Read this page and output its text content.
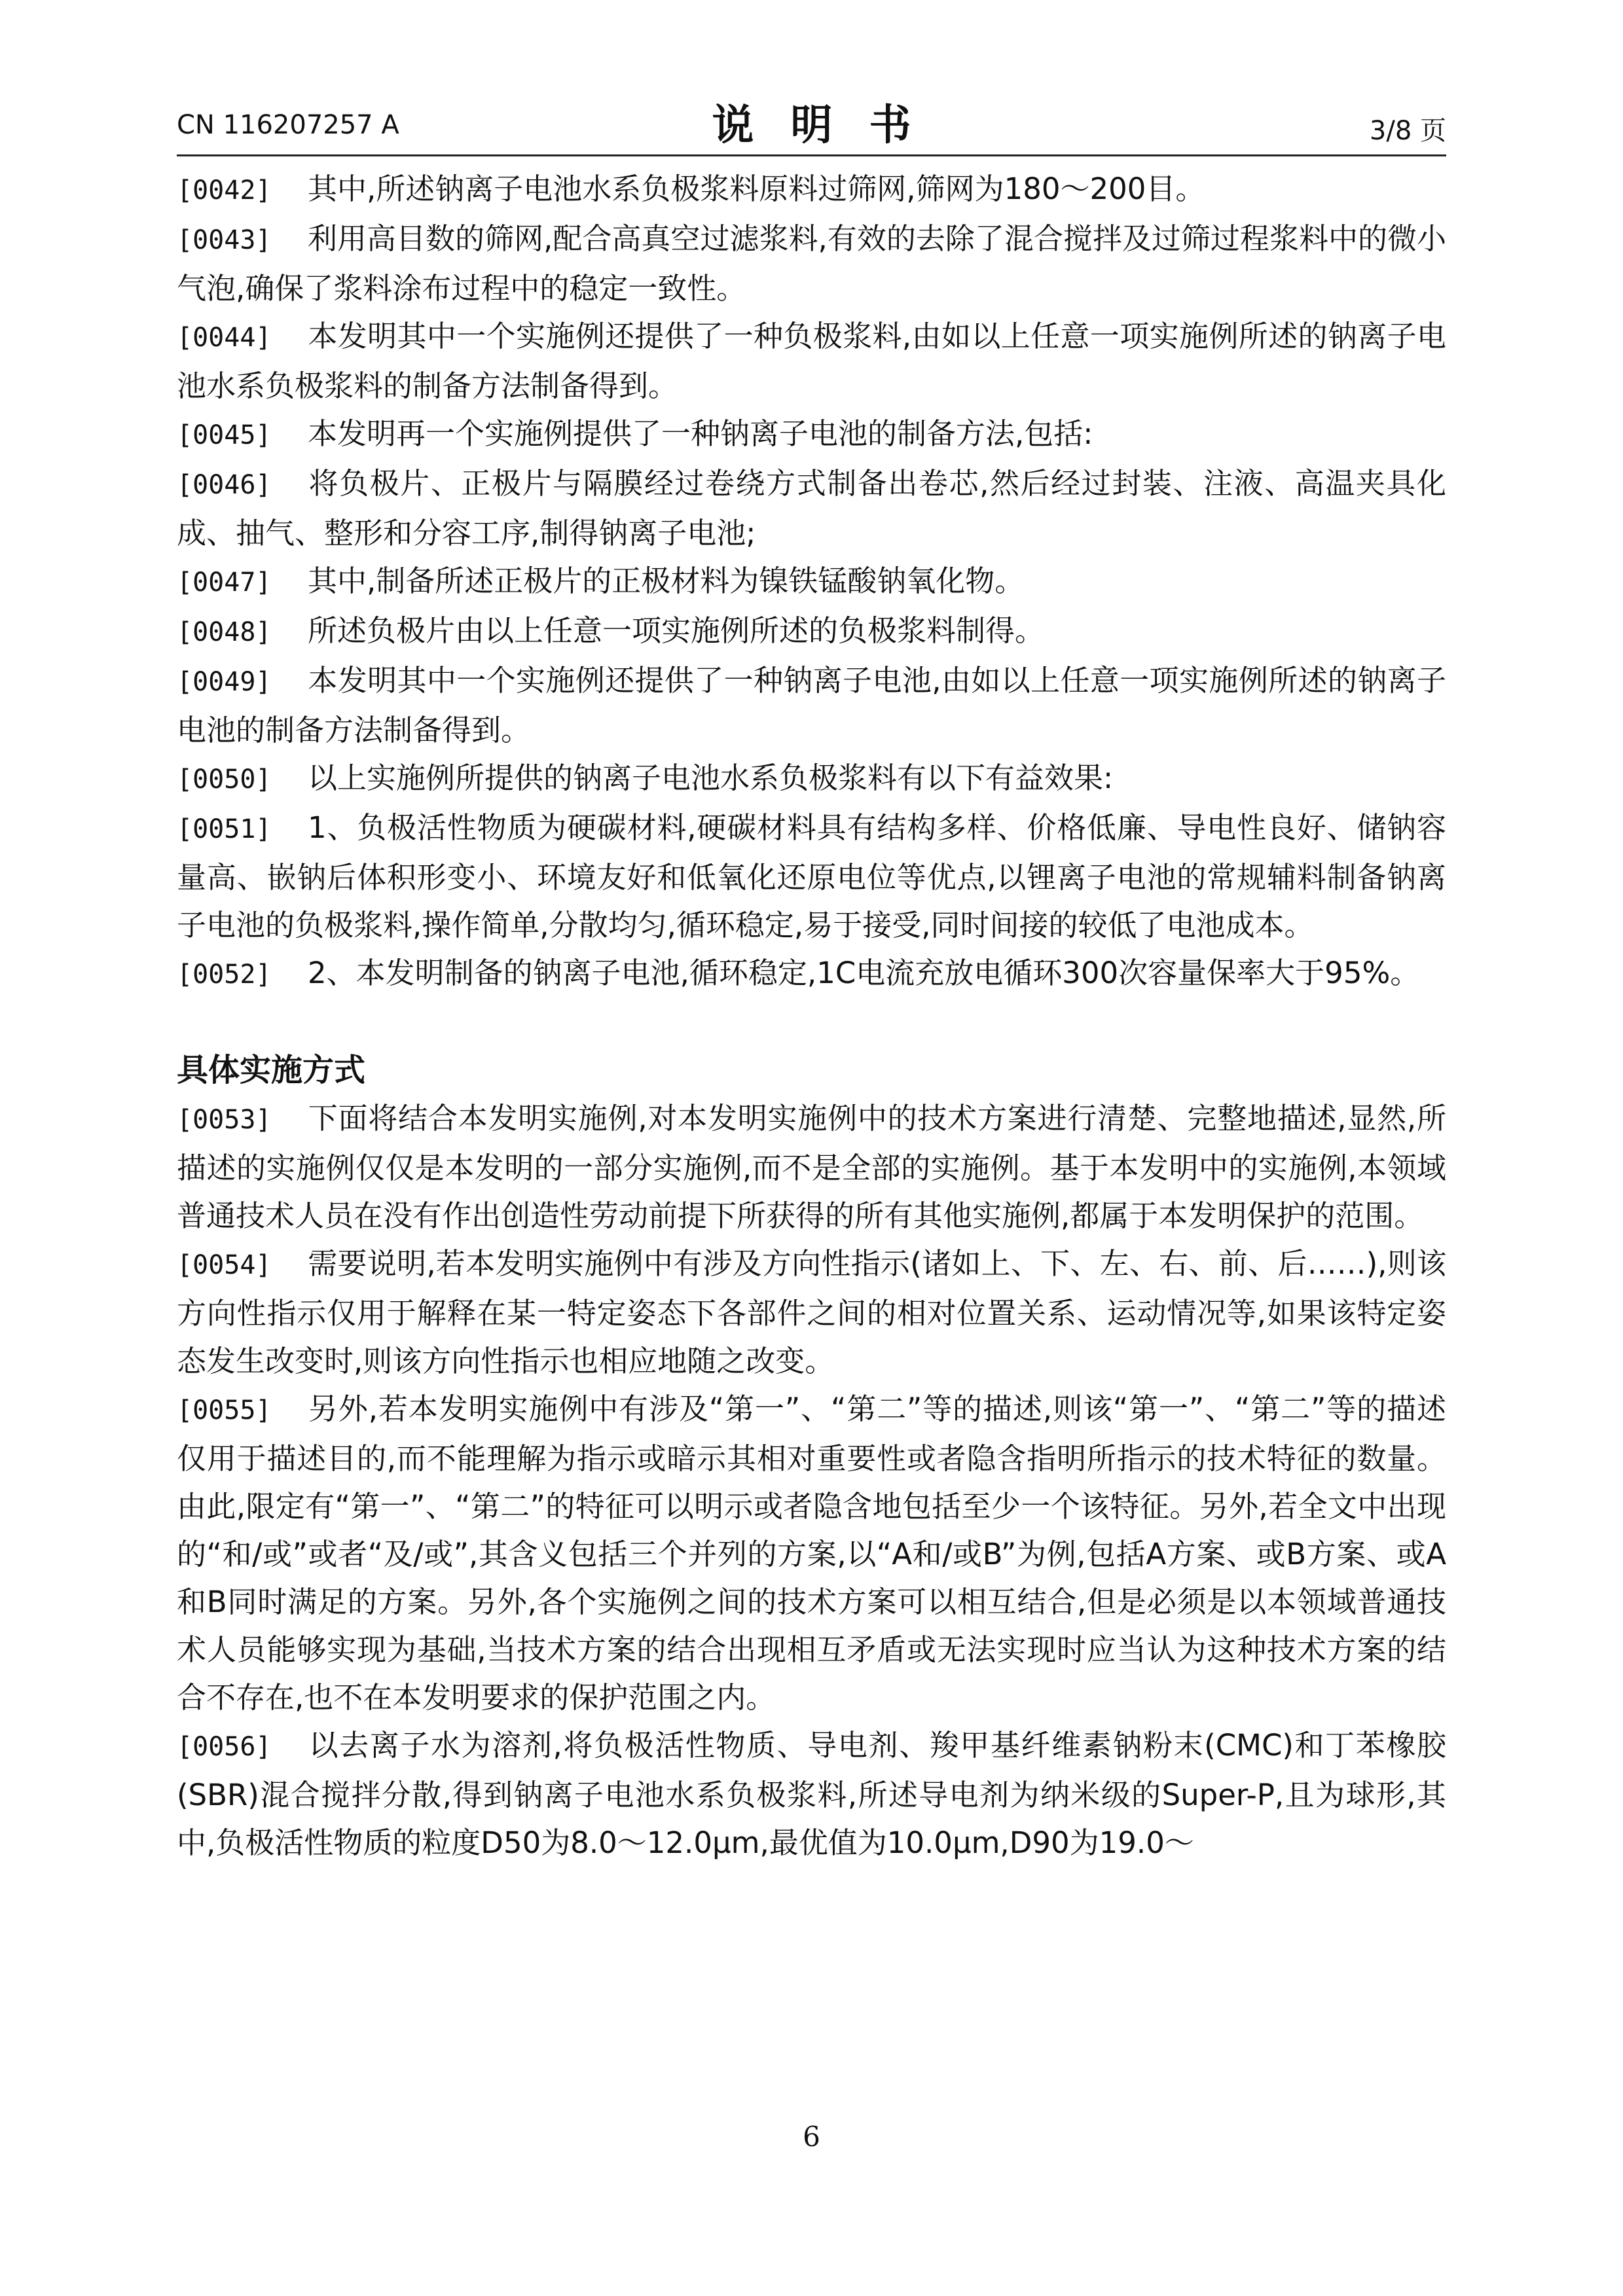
CN 116207257 A	说明书	3/8 页

[0042] 其中,所述钠离子电池水系负极浆料原料过筛网,筛网为180～200目。

[0043] 利用高目数的筛网,配合高真空过滤浆料,有效的去除了混合搅拌及过筛过程浆料中的微小气泡,确保了浆料涂布过程中的稳定一致性。

[0044] 本发明其中一个实施例还提供了一种负极浆料,由如以上任意一项实施例所述的钠离子电池水系负极浆料的制备方法制备得到。

[0045] 本发明再一个实施例提供了一种钠离子电池的制备方法,包括:

[0046] 将负极片、正极片与隔膜经过卷绕方式制备出卷芯,然后经过封装、注液、高温夹具化成、抽气、整形和分容工序,制得钠离子电池;

[0047] 其中,制备所述正极片的正极材料为镍铁锰酸钠氧化物。

[0048] 所述负极片由以上任意一项实施例所述的负极浆料制得。

[0049] 本发明其中一个实施例还提供了一种钠离子电池,由如以上任意一项实施例所述的钠离子电池的制备方法制备得到。

[0050] 以上实施例所提供的钠离子电池水系负极浆料有以下有益效果:

[0051] 1、负极活性物质为硬碳材料,硬碳材料具有结构多样、价格低廉、导电性良好、储钠容量高、嵌钠后体积形变小、环境友好和低氧化还原电位等优点,以锂离子电池的常规辅料制备钠离子电池的负极浆料,操作简单,分散均匀,循环稳定,易于接受,同时间接的较低了电池成本。

[0052] 2、本发明制备的钠离子电池,循环稳定,1C电流充放电循环300次容量保率大于95%。

具体实施方式

[0053] 下面将结合本发明实施例,对本发明实施例中的技术方案进行清楚、完整地描述,显然,所描述的实施例仅仅是本发明的一部分实施例,而不是全部的实施例。基于本发明中的实施例,本领域普通技术人员在没有作出创造性劳动前提下所获得的所有其他实施例,都属于本发明保护的范围。

[0054] 需要说明,若本发明实施例中有涉及方向性指示(诸如上、下、左、右、前、后……),则该方向性指示仅用于解释在某一特定姿态下各部件之间的相对位置关系、运动情况等,如果该特定姿态发生改变时,则该方向性指示也相应地随之改变。

[0055] 另外,若本发明实施例中有涉及“第一”、“第二”等的描述,则该“第一”、“第二”等的描述仅用于描述目的,而不能理解为指示或暗示其相对重要性或者隐含指明所指示的技术特征的数量。由此,限定有“第一”、“第二”的特征可以明示或者隐含地包括至少一个该特征。另外,若全文中出现的“和/或”或者“及/或”,其含义包括三个并列的方案,以“A和/或B”为例,包括A方案、或B方案、或A和B同时满足的方案。另外,各个实施例之间的技术方案可以相互结合,但是必须是以本领域普通技术人员能够实现为基础,当技术方案的结合出现相互矛盾或无法实现时应当认为这种技术方案的结合不存在,也不在本发明要求的保护范围之内。

[0056] 以去离子水为溶剂,将负极活性物质、导电剂、羧甲基纤维素钠粉末(CMC)和丁苯橡胶(SBR)混合搅拌分散,得到钠离子电池水系负极浆料,所述导电剂为纳米级的Super-P,且为球形,其中,负极活性物质的粒度D50为8.0～12.0μm,最优值为10.0μm,D90为19.0～

6
